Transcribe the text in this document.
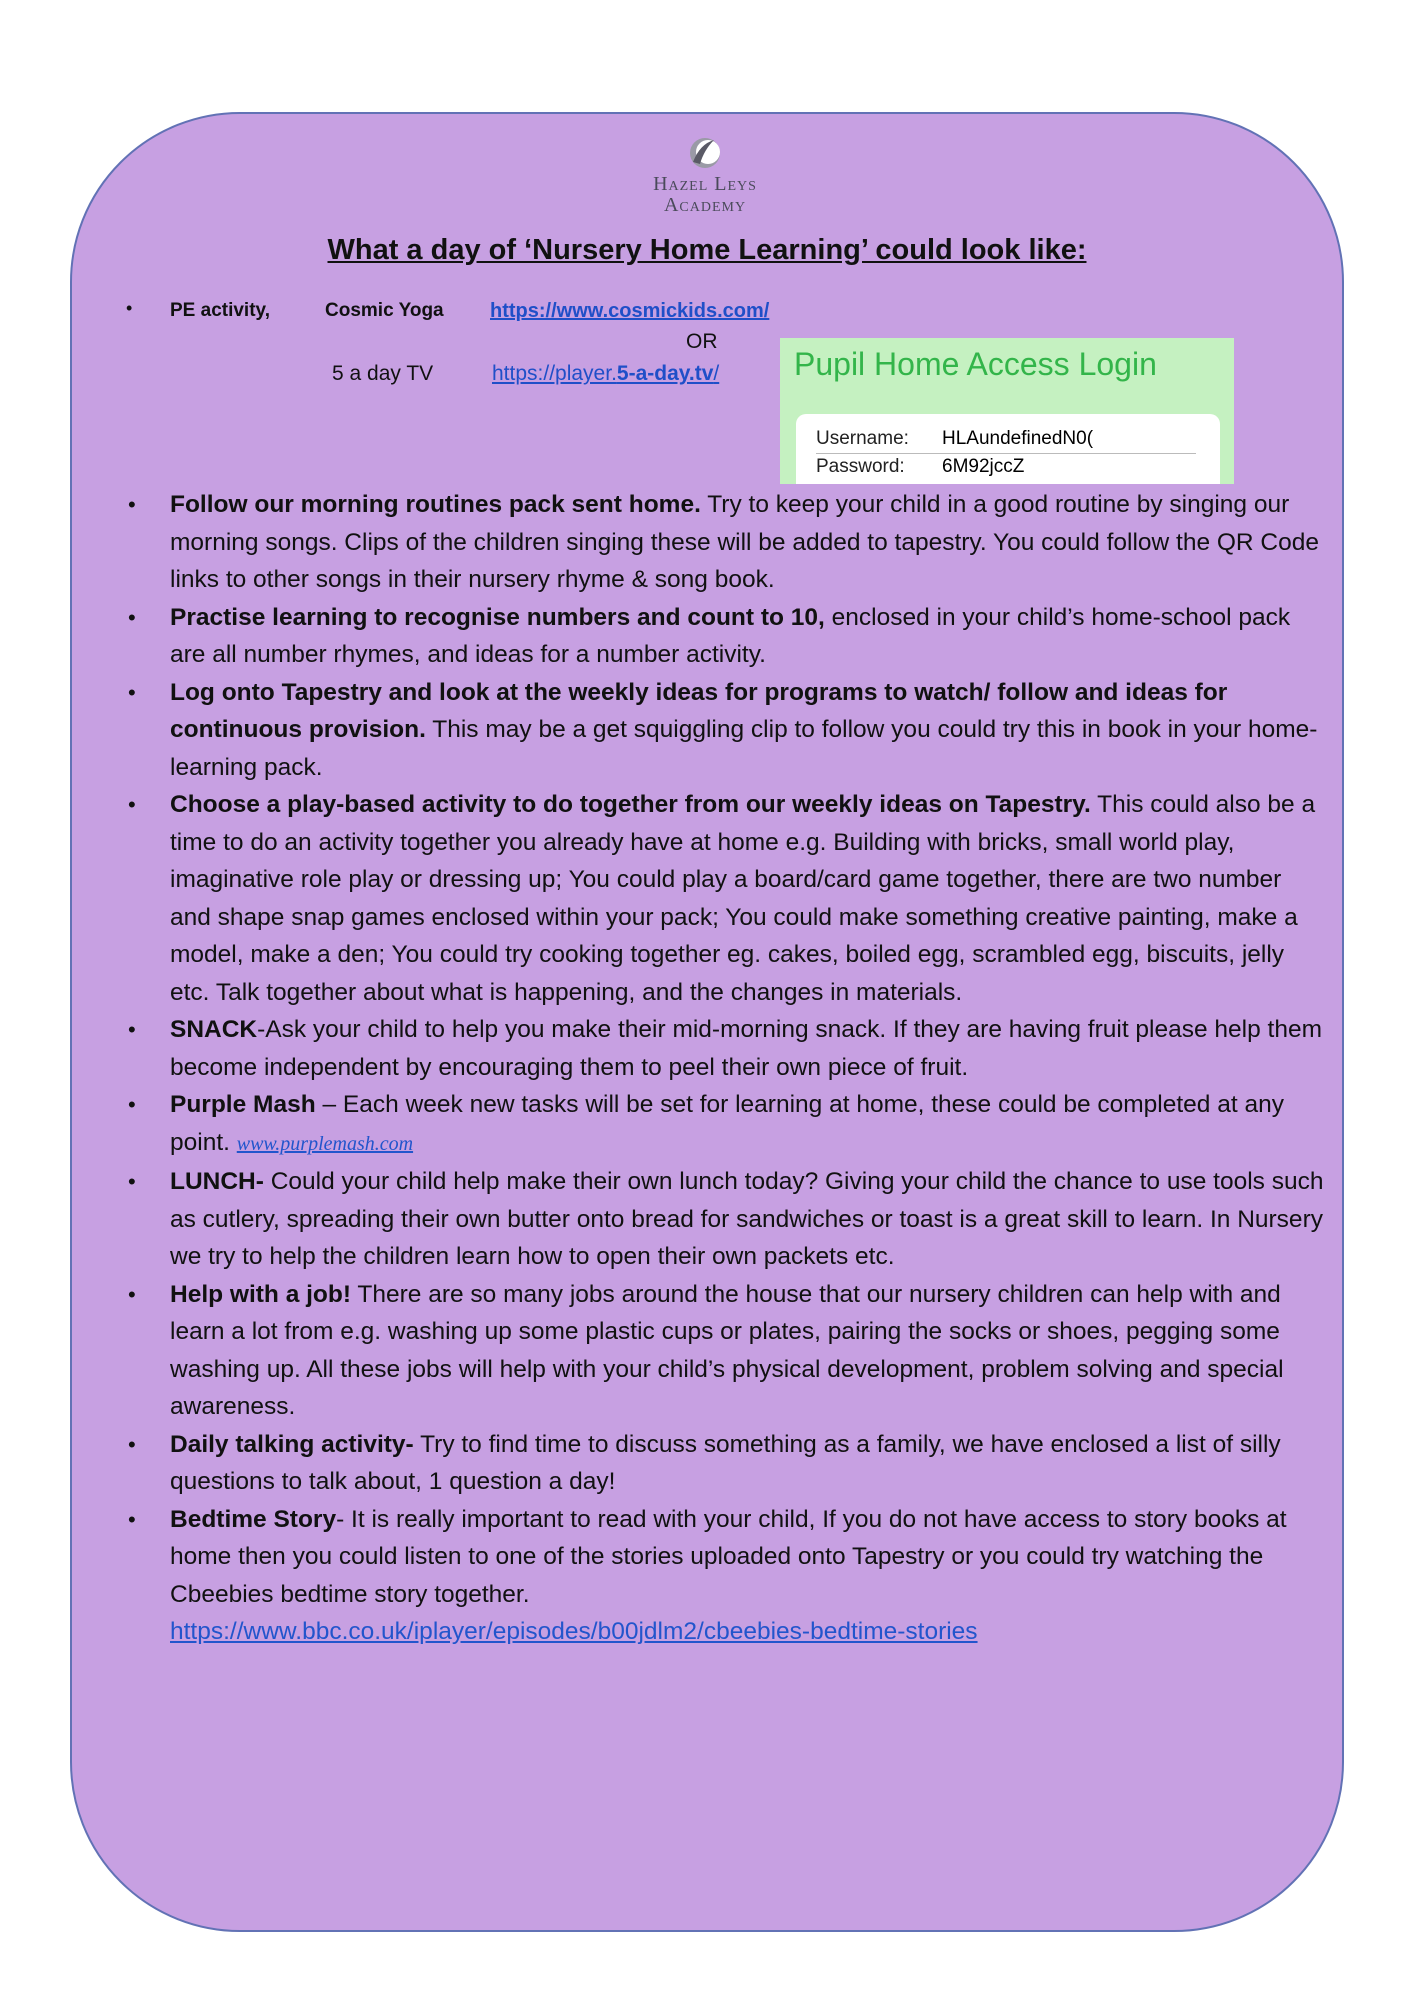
Hazel Leys
Academy
What a day of ‘Nursery Home Learning’ could look like:
• PE activity,	Cosmic Yoga https://www.cosmickids.com/
OR
5 a day TV	https://player.5-a-day.tv/ Pupil Home Access Login
Username: HLAundefinedN0(
Password: 6M92jccZ
• Follow our morning routines pack sent home. Try to keep your child in a good routine by singing our morning songs. Clips of the children singing these will be added to tapestry. You could follow the QR Code links to other songs in their nursery rhyme & song book.
• Practise learning to recognise numbers and count to 10, enclosed in your child’s home-school pack are all number rhymes, and ideas for a number activity.
• Log onto Tapestry and look at the weekly ideas for programs to watch/ follow and ideas for continuous provision. This may be a get squiggling clip to follow you could try this in book in your home-learning pack.
• Choose a play-based activity to do together from our weekly ideas on Tapestry. This could also be a time to do an activity together you already have at home e.g. Building with bricks, small world play, imaginative role play or dressing up; You could play a board/card game together, there are two number and shape snap games enclosed within your pack; You could make something creative painting, make a model, make a den; You could try cooking together eg. cakes, boiled egg, scrambled egg, biscuits, jelly etc. Talk together about what is happening, and the changes in materials.
• SNACK-Ask your child to help you make their mid-morning snack. If they are having fruit please help them become independent by encouraging them to peel their own piece of fruit.
• Purple Mash – Each week new tasks will be set for learning at home, these could be completed at any point. www.purplemash.com
• LUNCH- Could your child help make their own lunch today? Giving your child the chance to use tools such as cutlery, spreading their own butter onto bread for sandwiches or toast is a great skill to learn. In Nursery we try to help the children learn how to open their own packets etc.
• Help with a job! There are so many jobs around the house that our nursery children can help with and learn a lot from e.g. washing up some plastic cups or plates, pairing the socks or shoes, pegging some washing up. All these jobs will help with your child’s physical development, problem solving and special awareness.
• Daily talking activity- Try to find time to discuss something as a family, we have enclosed a list of silly questions to talk about, 1 question a day!
• Bedtime Story- It is really important to read with your child, If you do not have access to story books at home then you could listen to one of the stories uploaded onto Tapestry or you could try watching the Cbeebies bedtime story together.
https://www.bbc.co.uk/iplayer/episodes/b00jdlm2/cbeebies-bedtime-stories
